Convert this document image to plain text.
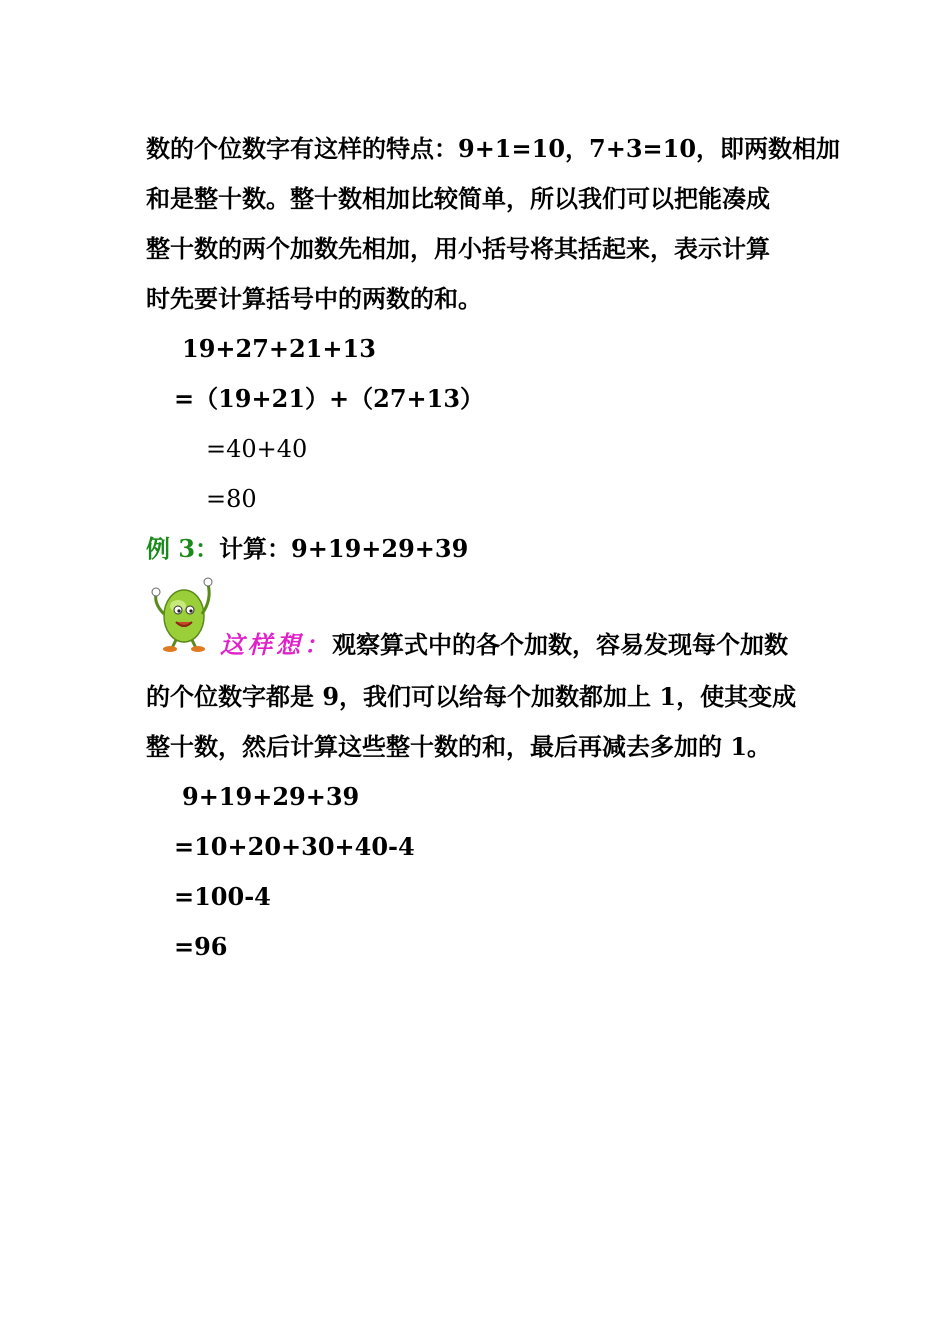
数的个位数字有这样的特点：9+1=10，7+3=10，即两数相加
和是整十数。整十数相加比较简单，所以我们可以把能凑成
整十数的两个加数先相加，用小括号将其括起来，表示计算
时先要计算括号中的两数的和。
19+27+21+13
=（19+21）+（27+13）
=40+40
=80
例 3：计算：9+19+29+39
这样想：观察算式中的各个加数，容易发现每个加数
的个位数字都是 9，我们可以给每个加数都加上 1，使其变成
整十数，然后计算这些整十数的和，最后再减去多加的 1。
9+19+29+39
=10+20+30+40-4
=100-4
=96
